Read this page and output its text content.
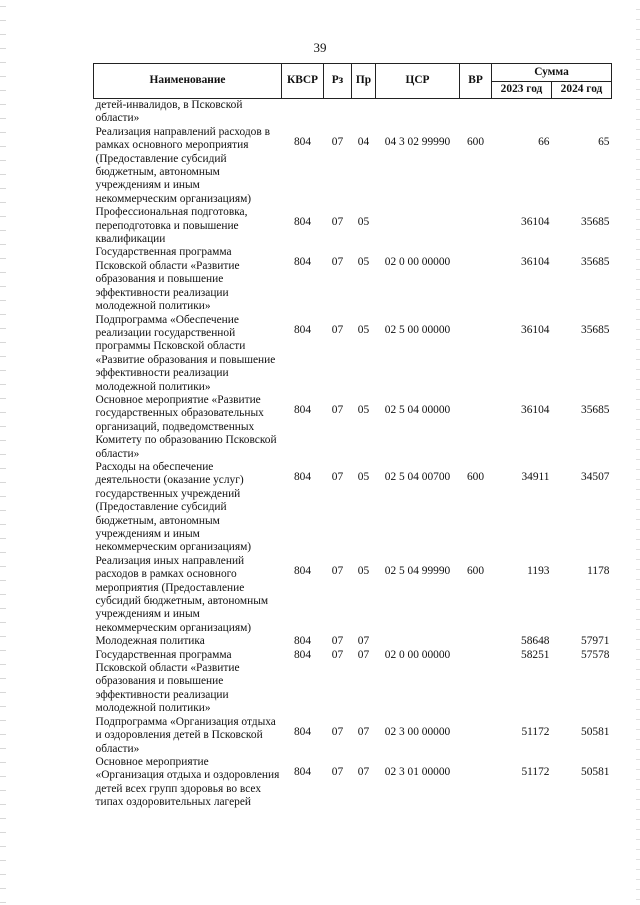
39
Наименование	КВСР	Рз	Пр	ЦСР	ВР	Сумма	
						2023 год	2024 год
детей-инвалидов, в Псковской области»							
Реализация направлений расходов в рамках основного мероприятия (Предоставление субсидий бюджетным, автономным учреждениям и иным некоммерческим организациям)	804	07	04	04 3 02 99990	600	66	65
Профессиональная подготовка, переподготовка и повышение квалификации	804	07	05			36104	35685
Государственная программа Псковской области «Развитие образования и повышение эффективности реализации молодежной политики»	804	07	05	02 0 00 00000		36104	35685
Подпрограмма «Обеспечение реализации государственной программы Псковской области «Развитие образования и повышение эффективности реализации молодежной политики»	804	07	05	02 5 00 00000		36104	35685
Основное мероприятие «Развитие государственных образовательных организаций, подведомственных Комитету по образованию Псковской области»	804	07	05	02 5 04 00000		36104	35685
Расходы на обеспечение деятельности (оказание услуг) государственных учреждений (Предоставление субсидий бюджетным, автономным учреждениям и иным некоммерческим организациям)	804	07	05	02 5 04 00700	600	34911	34507
Реализация иных направлений расходов в рамках основного мероприятия (Предоставление субсидий бюджетным, автономным учреждениям и иным некоммерческим организациям)	804	07	05	02 5 04 99990	600	1193	1178
Молодежная политика	804	07	07			58648	57971
Государственная программа Псковской области «Развитие образования и повышение эффективности реализации молодежной политики»	804	07	07	02 0 00 00000		58251	57578
Подпрограмма «Организация отдыха и оздоровления детей в Псковской области»	804	07	07	02 3 00 00000		51172	50581
Основное мероприятие «Организация отдыха и оздоровления детей всех групп здоровья во всех типах оздоровительных лагерей	804	07	07	02 3 01 00000		51172	50581
